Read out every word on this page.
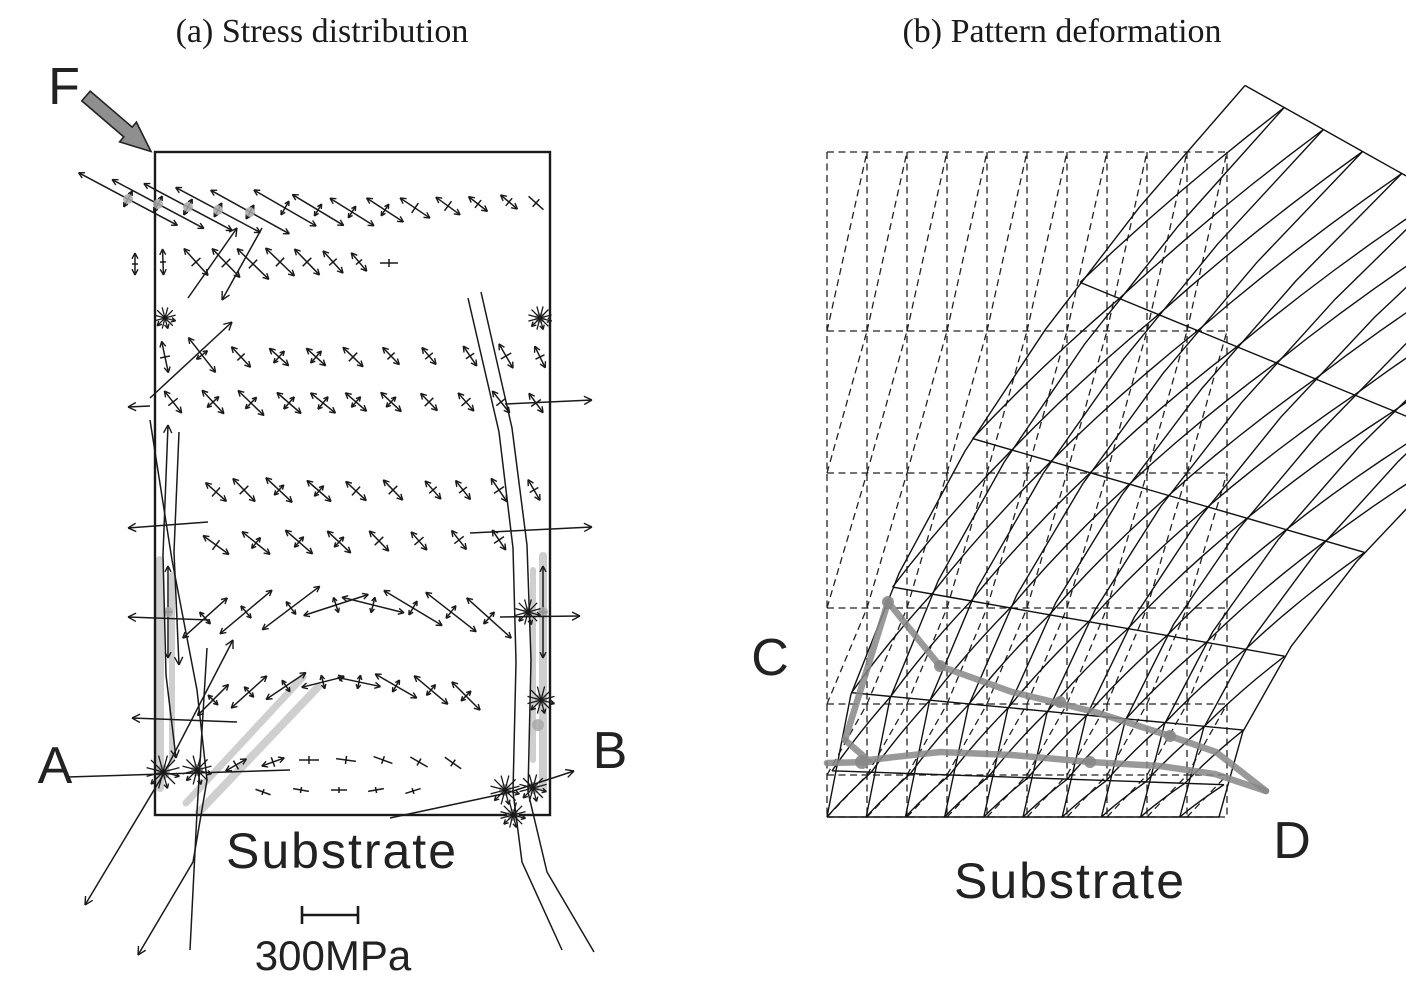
(a) Stress distribution	(b) Pattern deformation
F
A	B
C
D
Substrate
Substrate
300MPa
